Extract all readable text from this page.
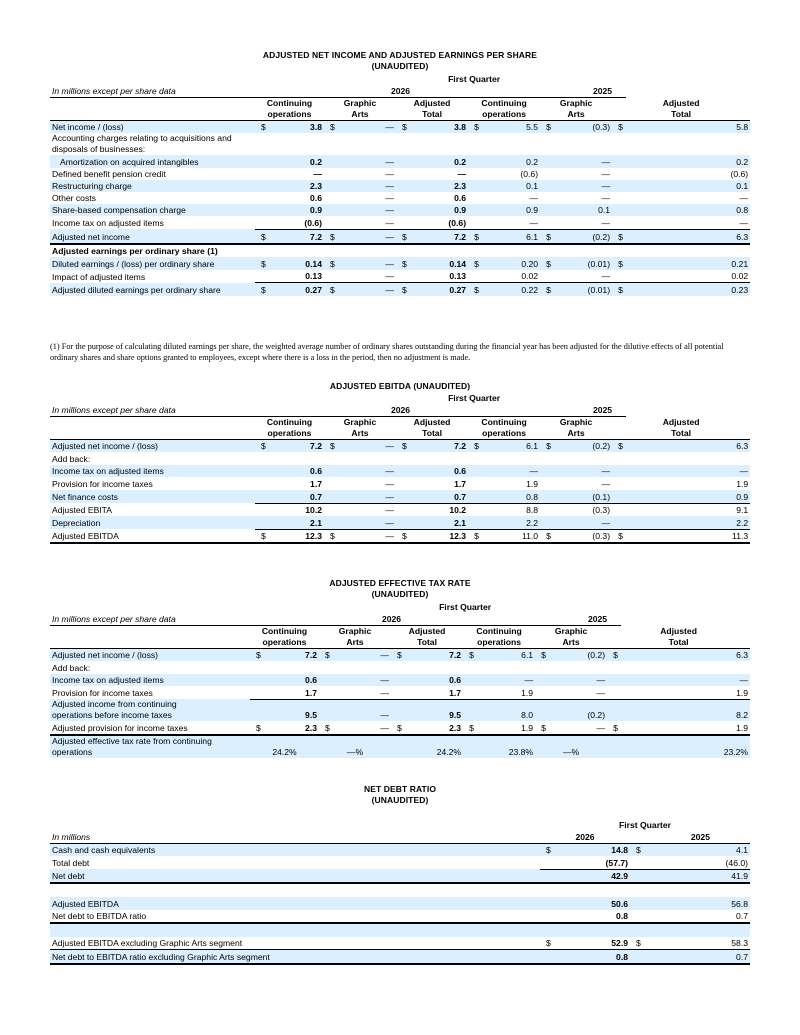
ADJUSTED NET INCOME AND ADJUSTED EARNINGS PER SHARE
(UNAUDITED)
						First Quarter						
In millions except per share data	2026					2025						
	Continuing		Graphic		Adjusted		Continuing		Graphic		Adjusted	
	operations		Arts		Total		operations		Arts		Total	
Net income / (loss)	$	3.8	$	—	$	3.8	$	5.5	$	(0.3)	$	5.8
Accounting charges relating to acquisitions and disposals of businesses:												
Amortization on acquired intangibles		0.2		—		0.2		0.2		—		0.2
Defined benefit pension credit		—		—		—		(0.6)		—		(0.6)
Restructuring charge		2.3		—		2.3		0.1		—		0.1
Other costs		0.6		—		0.6		—		—		—
Share-based compensation charge		0.9		—		0.9		0.9		0.1		0.8
Income tax on adjusted items		(0.6)		—		(0.6)		—		—		—
Adjusted net income	$	7.2	$	—	$	7.2	$	6.1	$	(0.2)	$	6.3
Adjusted earnings per ordinary share (1)												
Diluted earnings / (loss) per ordinary share	$	0.14	$	—	$	0.14	$	0.20	$	(0.01)	$	0.21
Impact of adjusted items		0.13		—		0.13		0.02		—		0.02
Adjusted diluted earnings per ordinary share	$	0.27	$	—	$	0.27	$	0.22	$	(0.01)	$	0.23
(1) For the purpose of calculating diluted earnings per share, the weighted average number of ordinary shares outstanding during the financial year has been adjusted for the dilutive effects of all potential ordinary shares and share options granted to employees, except where there is a loss in the period, then no adjustment is made.
ADJUSTED EBITDA (UNAUDITED)
						First Quarter						
In millions except per share data	2026					2025						
	Continuing		Graphic		Adjusted		Continuing		Graphic		Adjusted	
	operations		Arts		Total		operations		Arts		Total	
Adjusted net income / (loss)	$	7.2	$	—	$	7.2	$	6.1	$	(0.2)	$	6.3
Add back:												
Income tax on adjusted items		0.6		—		0.6		—		—		—
Provision for income taxes		1.7		—		1.7		1.9		—		1.9
Net finance costs		0.7		—		0.7		0.8		(0.1)		0.9
Adjusted EBITA		10.2		—		10.2		8.8		(0.3)		9.1
Depreciation		2.1		—		2.1		2.2		—		2.2
Adjusted EBITDA	$	12.3	$	—	$	12.3	$	11.0	$	(0.3)	$	11.3
ADJUSTED EFFECTIVE TAX RATE
(UNAUDITED)
						First Quarter						
In millions except per share data	2026					2025						
	Continuing		Graphic		Adjusted		Continuing		Graphic		Adjusted	
	operations		Arts		Total		operations		Arts		Total	
Adjusted net income / (loss)	$	7.2	$	—	$	7.2	$	6.1	$	(0.2)	$	6.3
Add back:												
Income tax on adjusted items		0.6		—		0.6		—		—		—
Provision for income taxes		1.7		—		1.7		1.9		—		1.9
Adjusted income from continuing operations before income taxes		9.5		—		9.5		8.0		(0.2)		8.2
Adjusted provision for income taxes	$	2.3	$	—	$	2.3	$	1.9	$	—	$	1.9
Adjusted effective tax rate from continuing operations	24.2%		—%		24.2%		23.8%		—%		23.2%	
NET DEBT RATIO
(UNAUDITED)
	First Quarter			
In millions	2026		2025	
Cash and cash equivalents	$	14.8	$	4.1
Total debt		(57.7)		(46.0)
Net debt		42.9		41.9

Adjusted EBITDA		50.6		56.8
Net debt to EBITDA ratio		0.8		0.7

Adjusted EBITDA excluding Graphic Arts segment	$	52.9	$	58.3
Net debt to EBITDA ratio excluding Graphic Arts segment		0.8		0.7
